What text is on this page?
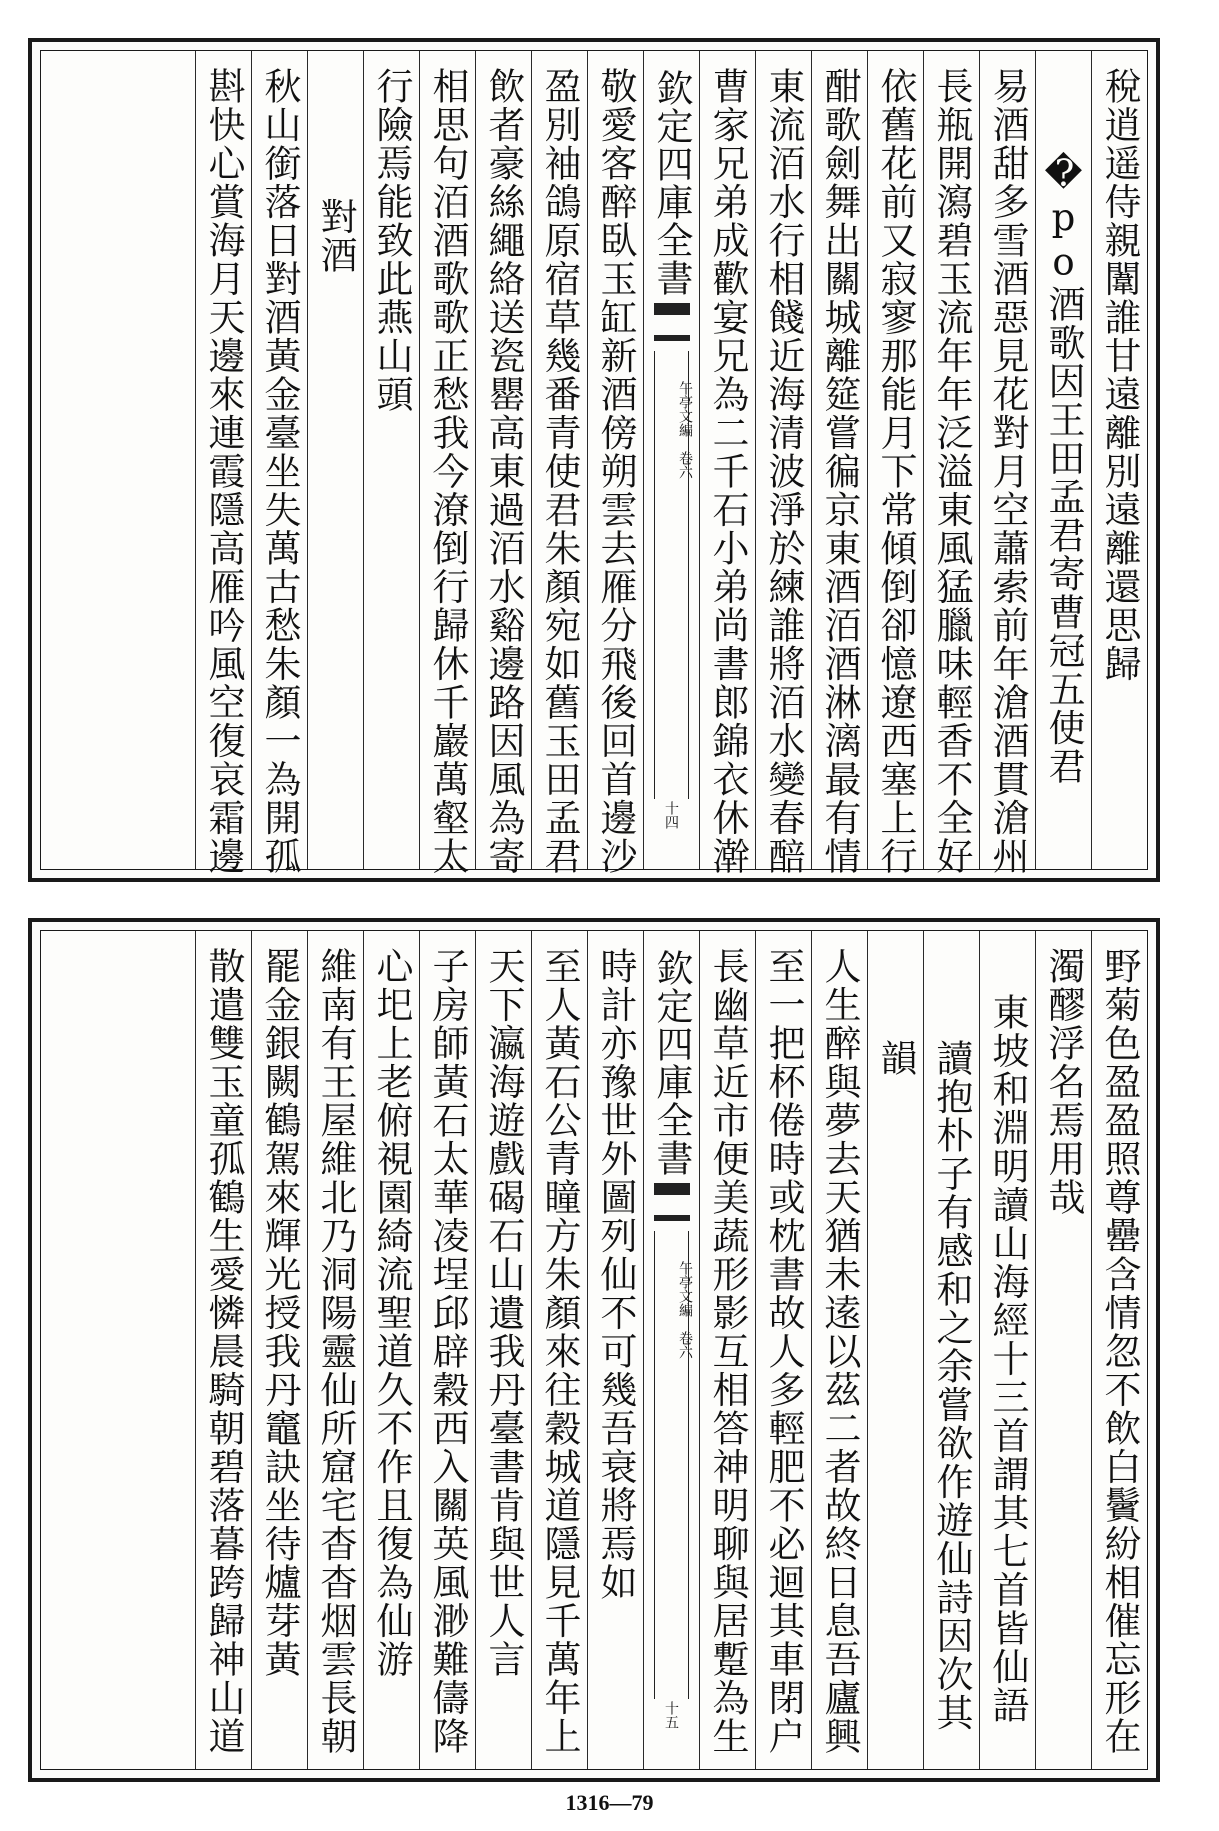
稅逍遥侍親闈誰甘遠離別遠離還思歸
　�po酒歌因王田孟君寄曹冠五使君
易酒甜多雪酒惡見花對月空蕭索前年滄酒貫滄州
長瓶開瀉碧玉流年年泛溢東風猛臘味輕香不全好
依舊花前又寂寥那能月下常傾倒卻憶遼西塞上行
酣歌劍舞出關城離筵嘗徧京東酒洦酒淋漓最有情
東流洦水行相餞近海清波淨於練誰將洦水變春醅
曹家兄弟成歡宴兄為二千石小弟尚書郎錦衣休澣
欽定四庫全書
午亭文編　卷六
十四
敬愛客醉臥玉缸新酒傍朔雲去雁分飛後回首邊沙
盈別袖鴿原宿草幾番青使君朱顏宛如舊玉田孟君
飲者豪絲繩絡送瓷罌高東過洦水谿邊路因風為寄
相思句洦酒歌歌正愁我今潦倒行歸休千巖萬壑太
行險焉能致此燕山頭
　對酒
秋山銜落日對酒黃金臺坐失萬古愁朱顏一為開孤
斟快心賞海月天邊來連霞隱高雁吟風空復哀霜邊
野菊色盈盈照尊罍含情忽不飲白鬢紛相催忘形在
濁醪浮名焉用哉
東坡和淵明讀山海經十三首謂其七首皆仙語
讀抱朴子有感和之余嘗欲作遊仙詩因次其
韻
人生醉與夢去天猶未逺以茲二者故終日息吾廬興
至一把杯倦時或枕書故人多輕肥不必迴其車閉户
長幽草近市便美蔬形影互相答神明聊與居蹔為生
欽定四庫全書
午亭文編　卷六
十五
時計亦豫世外圖列仙不可幾吾衰將焉如
至人黃石公青瞳方朱顏來往穀城道隱見千萬年上
天下瀛海遊戲碣石山遺我丹臺書肯與世人言
子房師黃石太華凌埕邱辟穀西入關英風渺難儔降
心圯上老俯視園綺流聖道久不作且復為仙游
維南有王屋維北乃洞陽靈仙所窟宅杳杳烟雲長朝
罷金銀闕鶴駕來輝光授我丹竈訣坐待爐芽黃
散遣雙玉童孤鶴生愛憐晨騎朝碧落暮跨歸神山道
1316—79
